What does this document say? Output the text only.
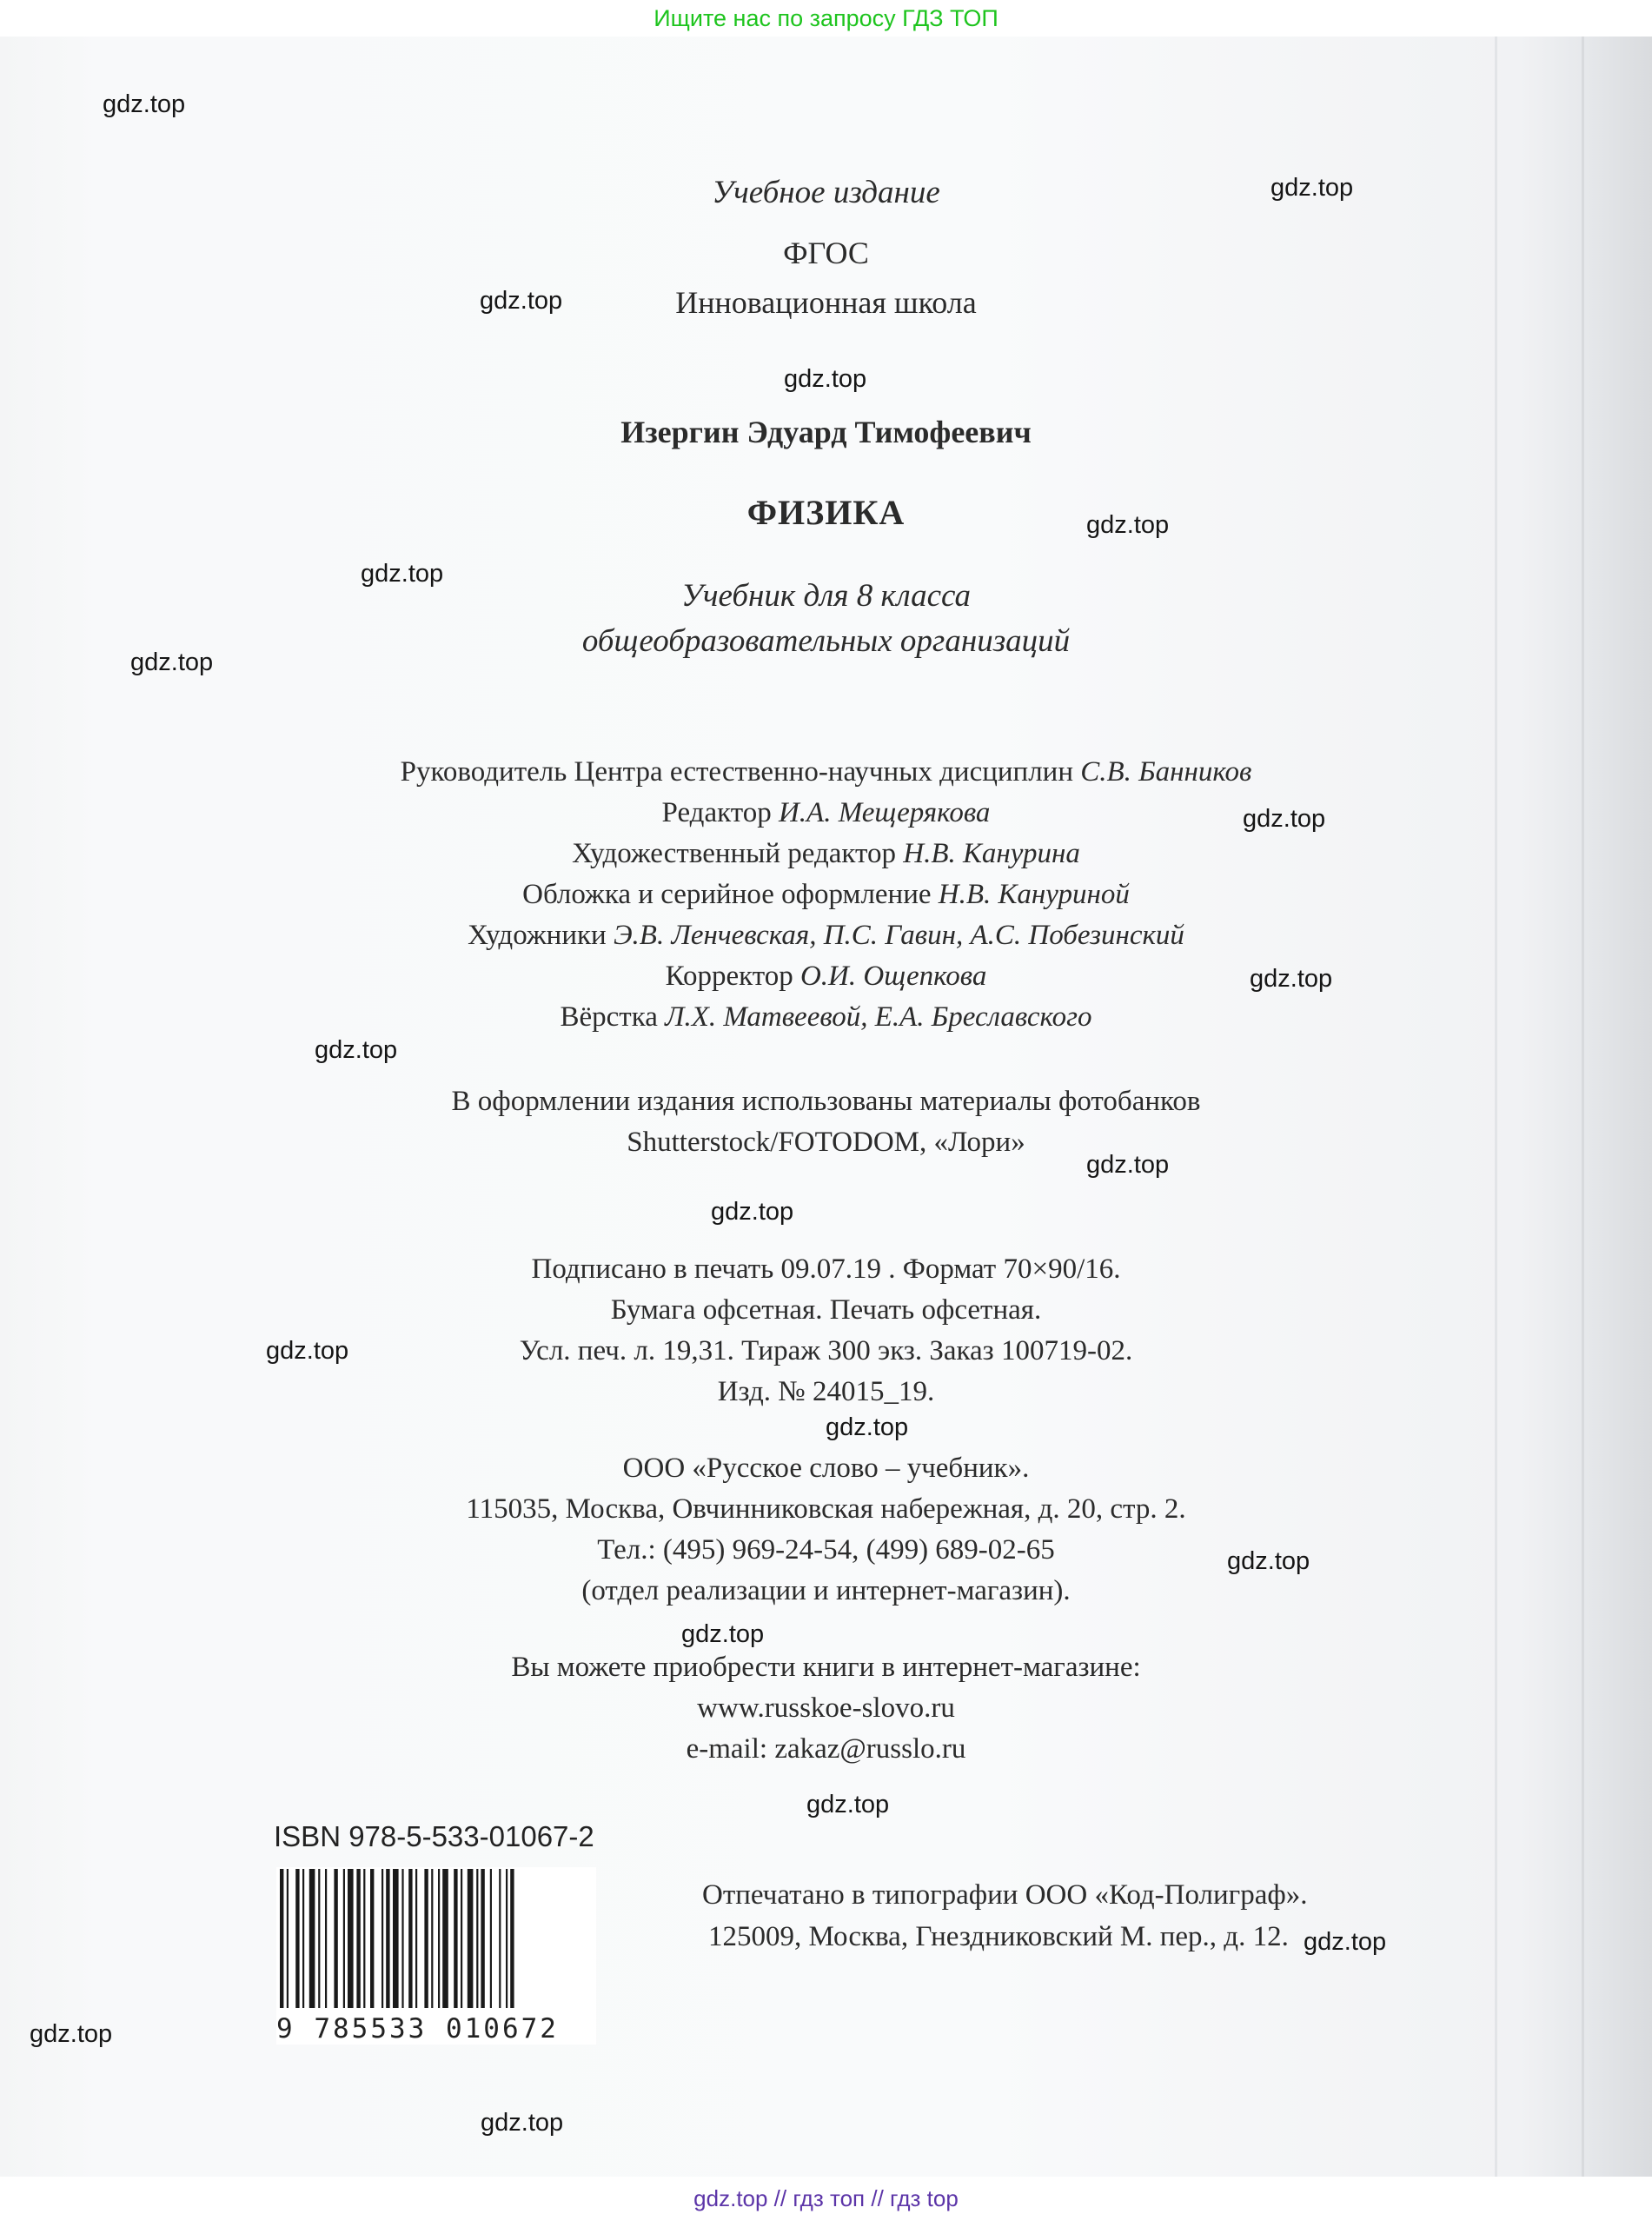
Ищите нас по запросу ГДЗ ТОП
Учебное издание
ФГОС
Инновационная школа
Изергин Эдуард Тимофеевич
ФИЗИКА
Учебник для 8 класса
общеобразовательных организаций
Руководитель Центра естественно-научных дисциплин С.В. Банников
Редактор И.А. Мещерякова
Художественный редактор Н.В. Канурина
Обложка и серийное оформление Н.В. Кануриной
Художники Э.В. Ленчевская, П.С. Гавин, А.С. Побезинский
Корректор О.И. Ощепкова
Вёрстка Л.Х. Матвеевой, Е.А. Бреславского
В оформлении издания использованы материалы фотобанков
Shutterstock/FOTODOM, «Лори»
Подписано в печать 09.07.19 . Формат 70×90/16.
Бумага офсетная. Печать офсетная.
Усл. печ. л. 19,31. Тираж 300 экз. Заказ 100719-02.
Изд. № 24015_19.
ООО «Русское слово – учебник».
115035, Москва, Овчинниковская набережная, д. 20, стр. 2.
Тел.: (495) 969-24-54, (499) 689-02-65
(отдел реализации и интернет-магазин).
Вы можете приобрести книги в интернет-магазине:
www.russkoe-slovo.ru
e-mail: zakaz@russlo.ru
ISBN 978-5-533-01067-2
9 785533 010672
Отпечатано в типографии ООО «Код-Полиграф».
125009, Москва, Гнездниковский М. пер., д. 12.
gdz.top
gdz.top
gdz.top
gdz.top
gdz.top
gdz.top
gdz.top
gdz.top
gdz.top
gdz.top
gdz.top
gdz.top
gdz.top
gdz.top
gdz.top
gdz.top
gdz.top
gdz.top
gdz.top
gdz.top
gdz.top // гдз топ // гдз top
